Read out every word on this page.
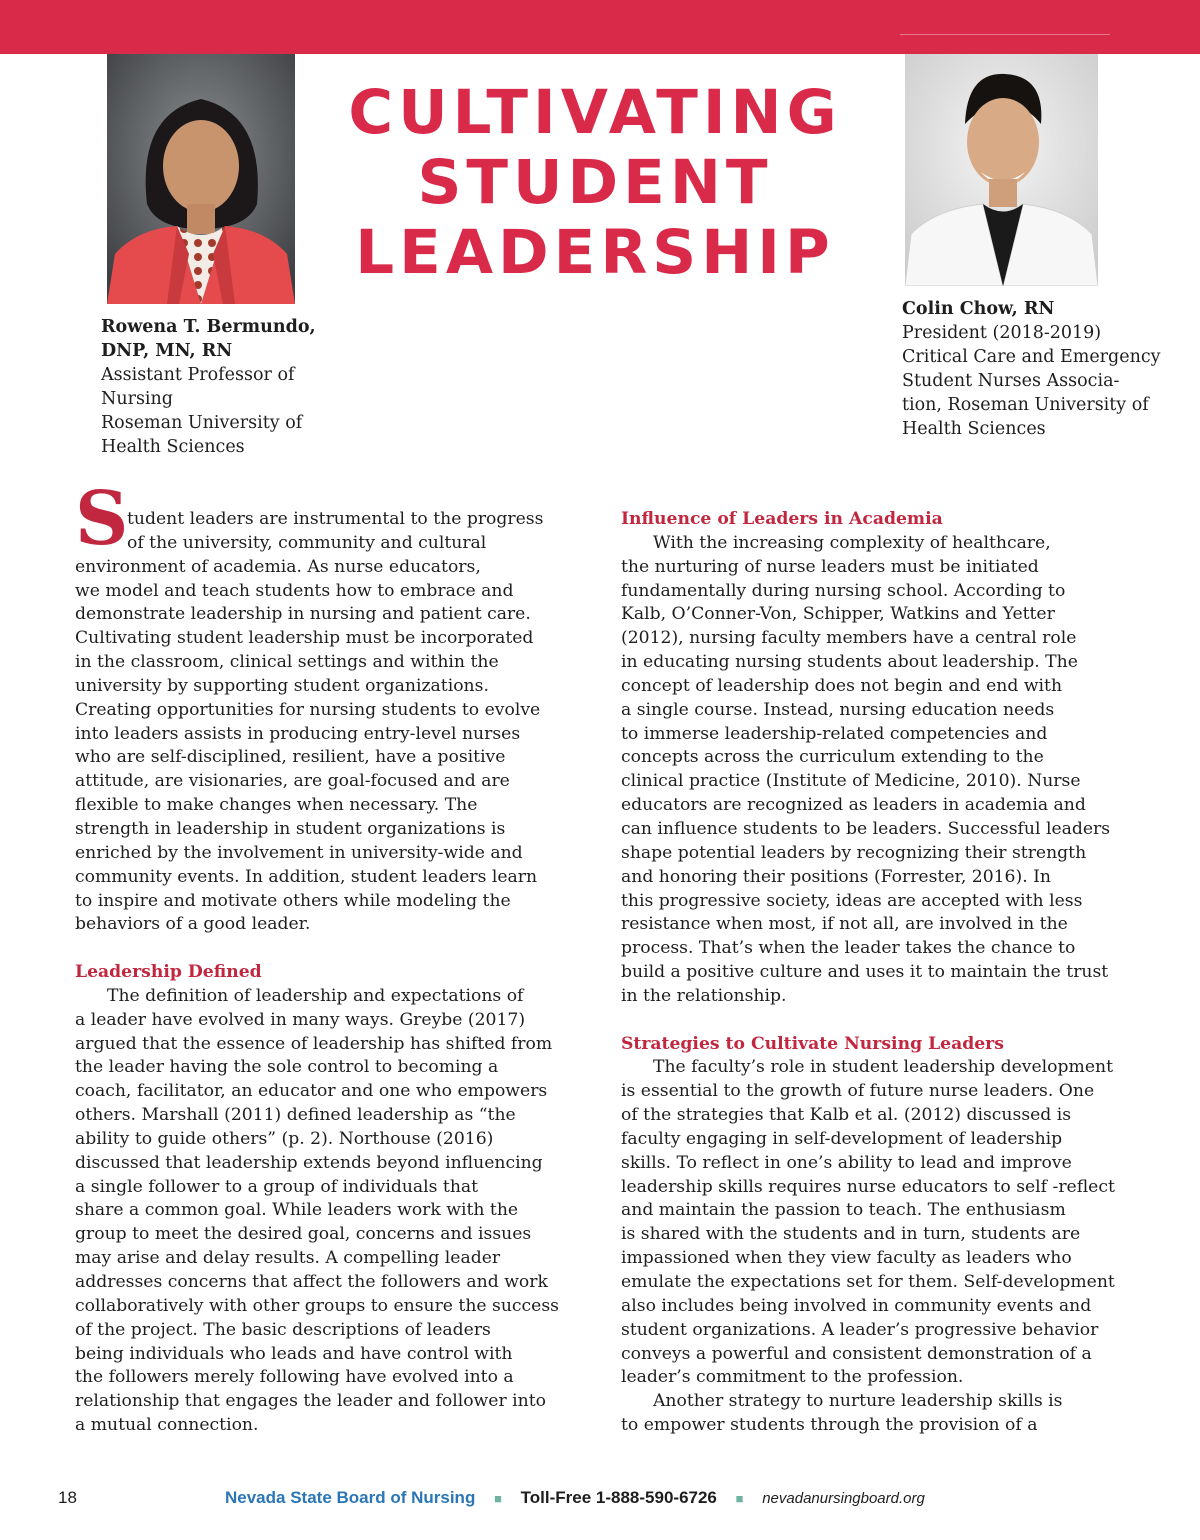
CULTIVATING
STUDENT
LEADERSHIP
Rowena T. Bermundo,
DNP, MN, RN
Assistant Professor of
Nursing
Roseman University of
Health Sciences
Colin Chow, RN
President (2018-2019)
Critical Care and Emergency
Student Nurses Associa-
tion, Roseman University of
Health Sciences
S
tudent leaders are instrumental to the progress
of the university, community and cultural
environment of academia. As nurse educators,
we model and teach students how to embrace and
demonstrate leadership in nursing and patient care.
Cultivating student leadership must be incorporated
in the classroom, clinical settings and within the
university by supporting student organizations.
Creating opportunities for nursing students to evolve
into leaders assists in producing entry-level nurses
who are self-disciplined, resilient, have a positive
attitude, are visionaries, are goal-focused and are
flexible to make changes when necessary. The
strength in leadership in student organizations is
enriched by the involvement in university-wide and
community events. In addition, student leaders learn
to inspire and motivate others while modeling the
behaviors of a good leader.
Leadership Defined
The definition of leadership and expectations of
a leader have evolved in many ways. Greybe (2017)
argued that the essence of leadership has shifted from
the leader having the sole control to becoming a
coach, facilitator, an educator and one who empowers
others. Marshall (2011) defined leadership as “the
ability to guide others” (p. 2). Northouse (2016)
discussed that leadership extends beyond influencing
a single follower to a group of individuals that
share a common goal. While leaders work with the
group to meet the desired goal, concerns and issues
may arise and delay results. A compelling leader
addresses concerns that affect the followers and work
collaboratively with other groups to ensure the success
of the project. The basic descriptions of leaders
being individuals who leads and have control with
the followers merely following have evolved into a
relationship that engages the leader and follower into
a mutual connection.
Influence of Leaders in Academia
With the increasing complexity of healthcare,
the nurturing of nurse leaders must be initiated
fundamentally during nursing school. According to
Kalb, O’Conner-Von, Schipper, Watkins and Yetter
(2012), nursing faculty members have a central role
in educating nursing students about leadership. The
concept of leadership does not begin and end with
a single course. Instead, nursing education needs
to immerse leadership-related competencies and
concepts across the curriculum extending to the
clinical practice (Institute of Medicine, 2010). Nurse
educators are recognized as leaders in academia and
can influence students to be leaders. Successful leaders
shape potential leaders by recognizing their strength
and honoring their positions (Forrester, 2016). In
this progressive society, ideas are accepted with less
resistance when most, if not all, are involved in the
process. That’s when the leader takes the chance to
build a positive culture and uses it to maintain the trust
in the relationship.
Strategies to Cultivate Nursing Leaders
The faculty’s role in student leadership development
is essential to the growth of future nurse leaders. One
of the strategies that Kalb et al. (2012) discussed is
faculty engaging in self-development of leadership
skills. To reflect in one’s ability to lead and improve
leadership skills requires nurse educators to self -reflect
and maintain the passion to teach. The enthusiasm
is shared with the students and in turn, students are
impassioned when they view faculty as leaders who
emulate the expectations set for them. Self-development
also includes being involved in community events and
student organizations. A leader’s progressive behavior
conveys a powerful and consistent demonstration of a
leader’s commitment to the profession.
Another strategy to nurture leadership skills is
to empower students through the provision of a
18	Nevada State Board of Nursing ■ Toll-Free 1-888-590-6726 ■ nevadanursingboard.org
